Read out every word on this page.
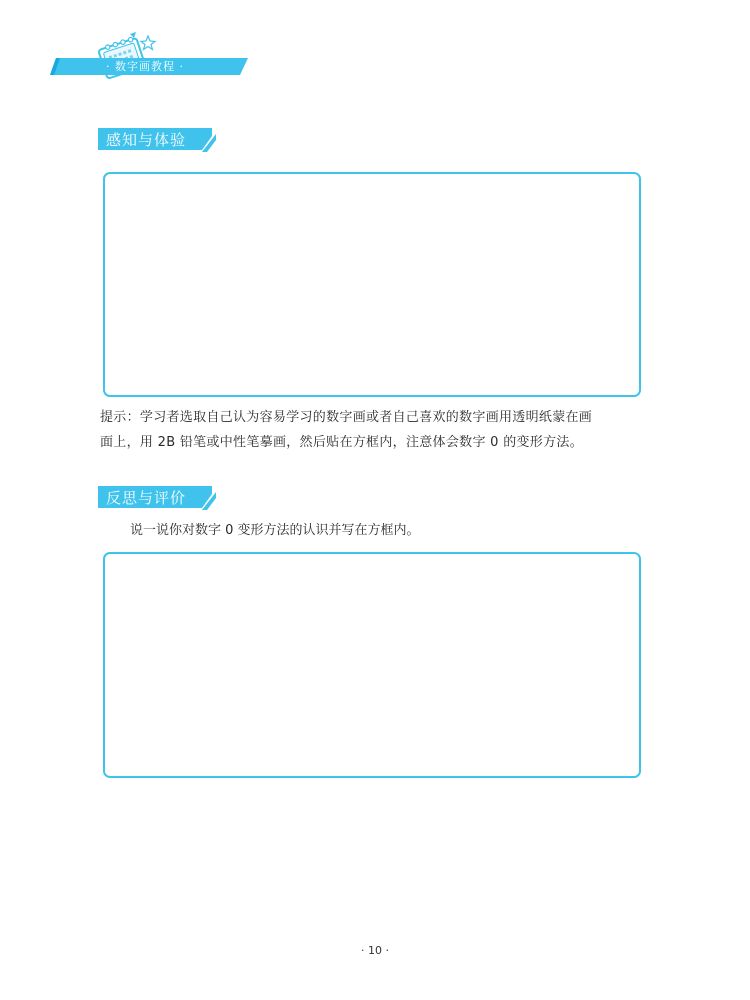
· 数字画教程 ·
感知与体验

提示：学习者选取自己认为容易学习的数字画或者自己喜欢的数字画用透明纸蒙在画

面上，用 2B 铅笔或中性笔摹画，然后贴在方框内，注意体会数字 0 的变形方法。

反思与评价
说一说你对数字 0 变形方法的认识并写在方框内。
· 10 ·
